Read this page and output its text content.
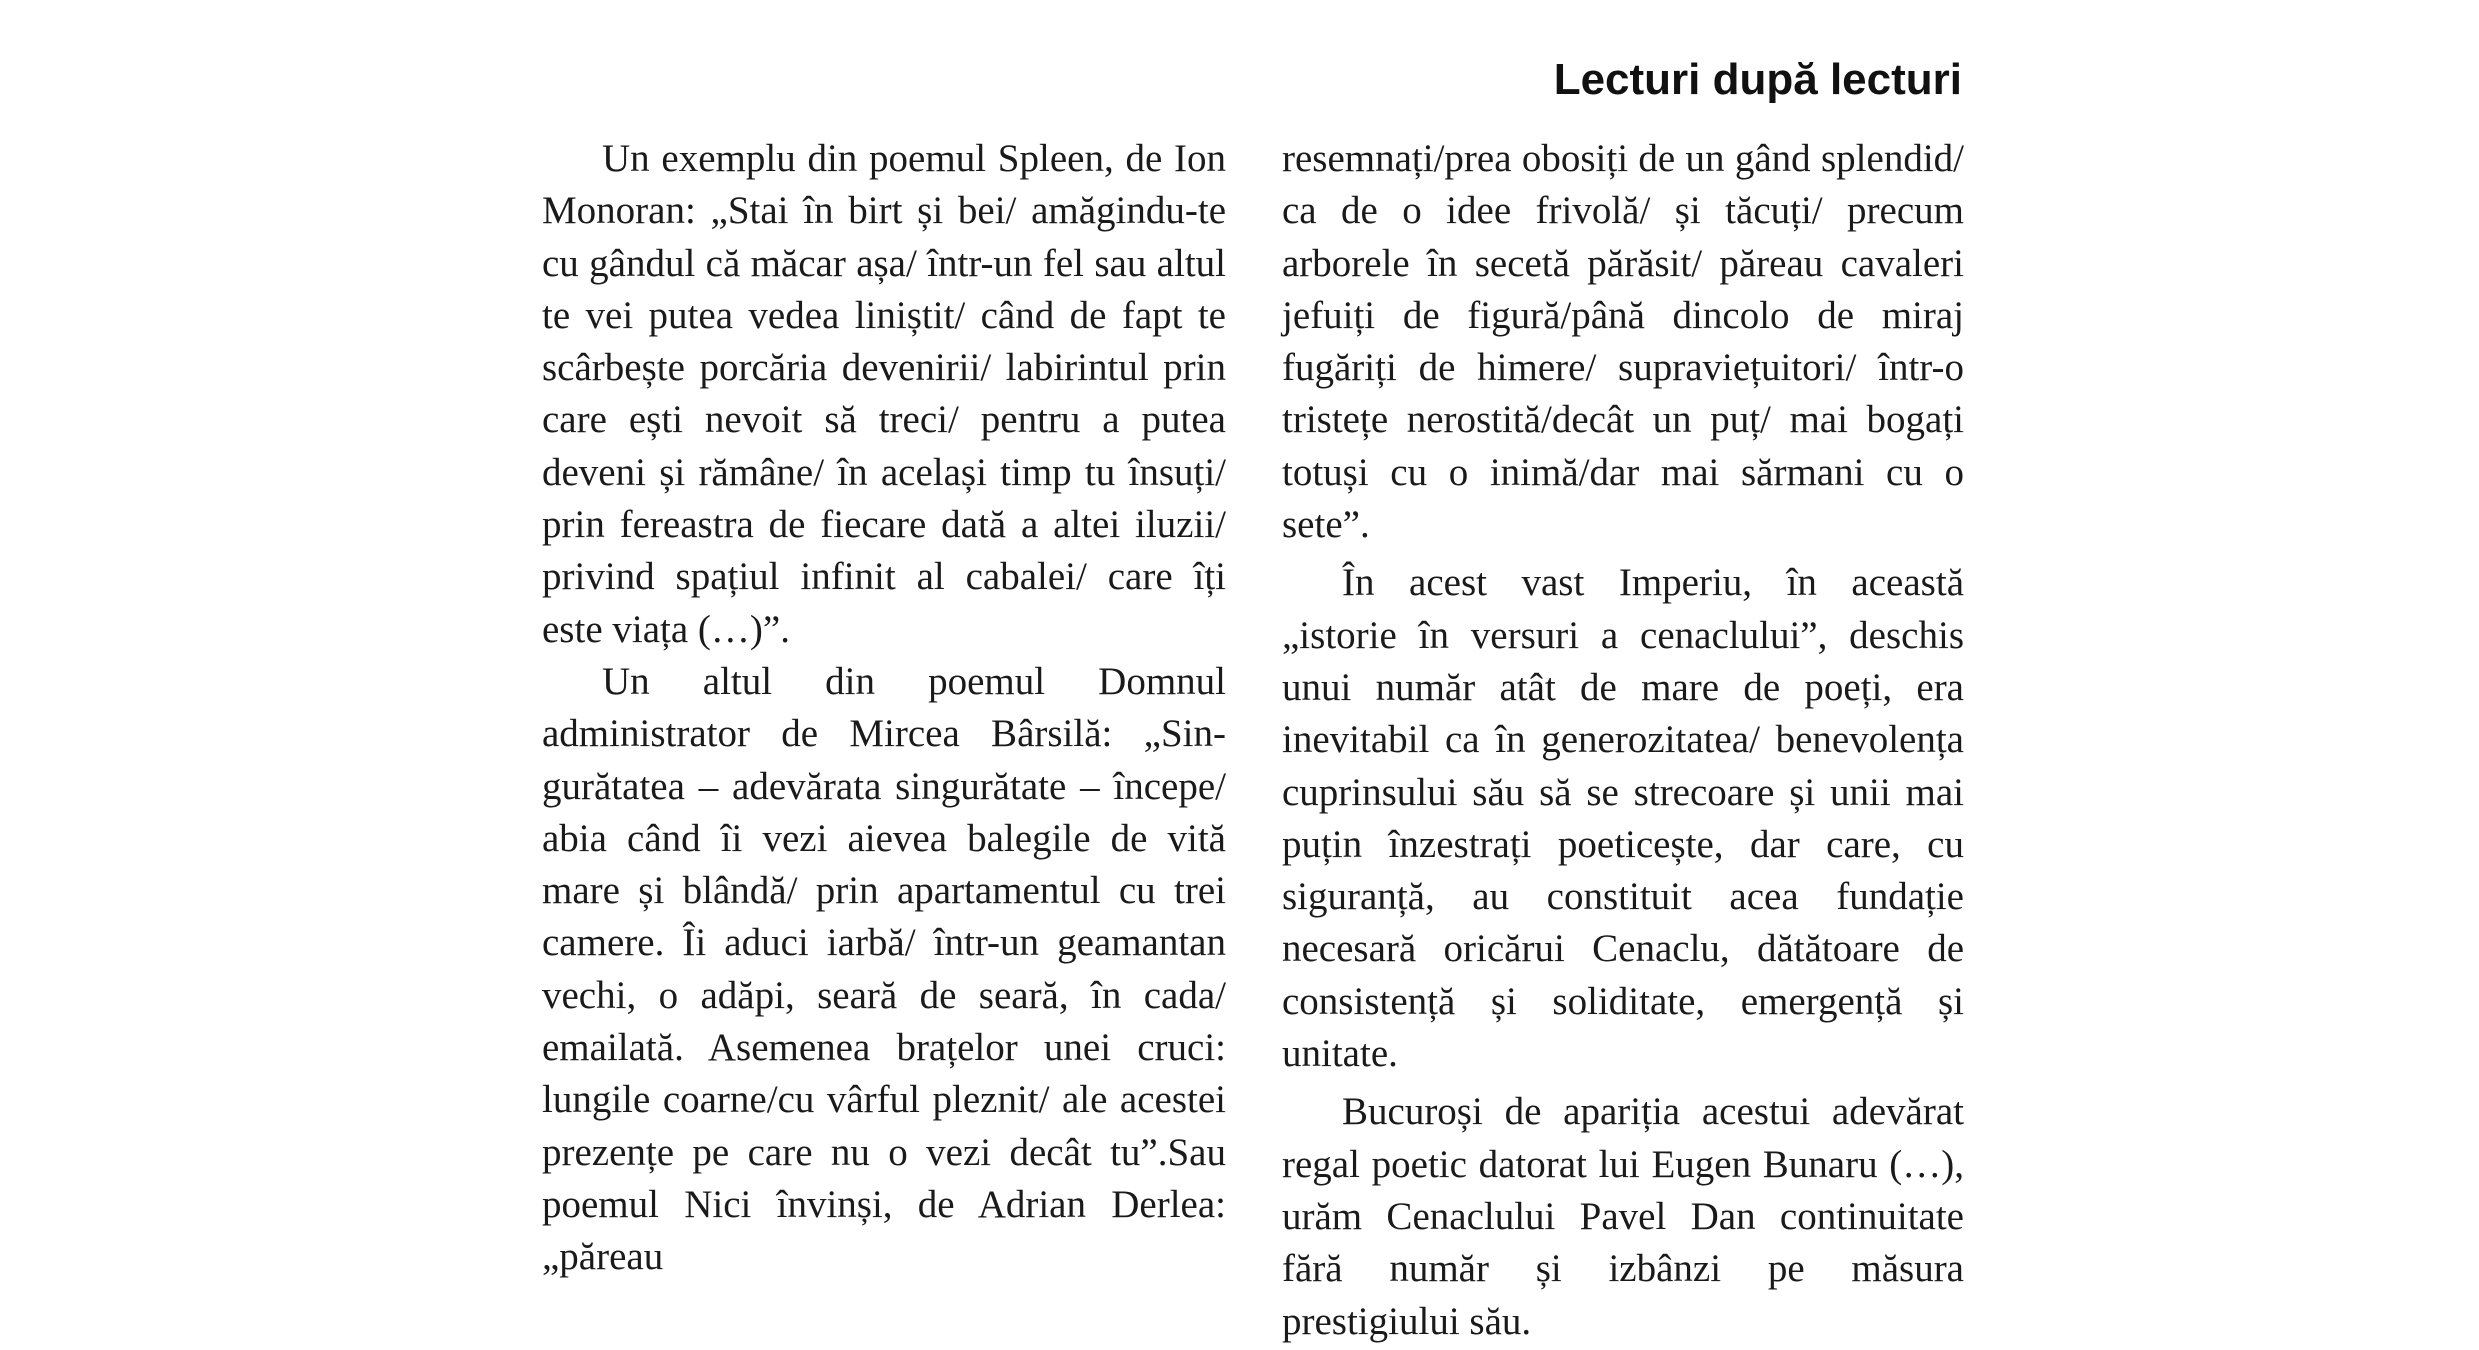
Lecturi după lecturi

Un exemplu din poemul Spleen, de Ion Monoran: „Stai în birt și bei/ amăgindu-te cu gândul că măcar așa/ într-un fel sau altul te vei putea vedea liniștit/ când de fapt te scârbește porcăria devenirii/ labirintul prin care ești nevoit să treci/ pentru a putea deveni și rămâne/ în același timp tu însuți/ prin fereastra de fiecare dată a altei iluzii/ privind spațiul infinit al cabalei/ care îți este viața (…)”.

Un altul din poemul Domnul administrator de Mircea Bârsilă: „Singurătatea – adevărata singurătate – începe/ abia când îi vezi aievea balegile de vită mare și blândă/ prin apartamentul cu trei camere. Îi aduci iarbă/ într-un geamantan vechi, o adăpi, seară de seară, în cada/ emailată. Asemenea brațelor unei cruci: lungile coarne/cu vârful pleznit/ ale acestei prezențe pe care nu o vezi decât tu”.Sau poemul Nici învinși, de Adrian Derlea: „păreau

resemnați/prea obosiți de un gând splendid/ ca de o idee frivolă/ și tăcuți/ precum arborele în secetă părăsit/ păreau cavaleri jefuiți de figură/până dincolo de miraj fugăriți de himere/ supraviețuitori/ într-o tristețe nerostită/decât un puț/ mai bogați totuși cu o inimă/dar mai sărmani cu o sete”.

În acest vast Imperiu, în această „istorie în versuri a cenaclului”, deschis unui număr atât de mare de poeți, era inevitabil ca în generozitatea/ benevolența cuprinsului său să se strecoare și unii mai puțin înzestrați poeticește, dar care, cu siguranță, au constituit acea fundație necesară oricărui Cenaclu, dătătoare de consistență și soliditate, emergență și unitate.

Bucuroși de apariția acestui adevărat regal poetic datorat lui Eugen Bunaru (…), urăm Cenaclului Pavel Dan continuitate fără număr și izbânzi pe măsura prestigiului său.
